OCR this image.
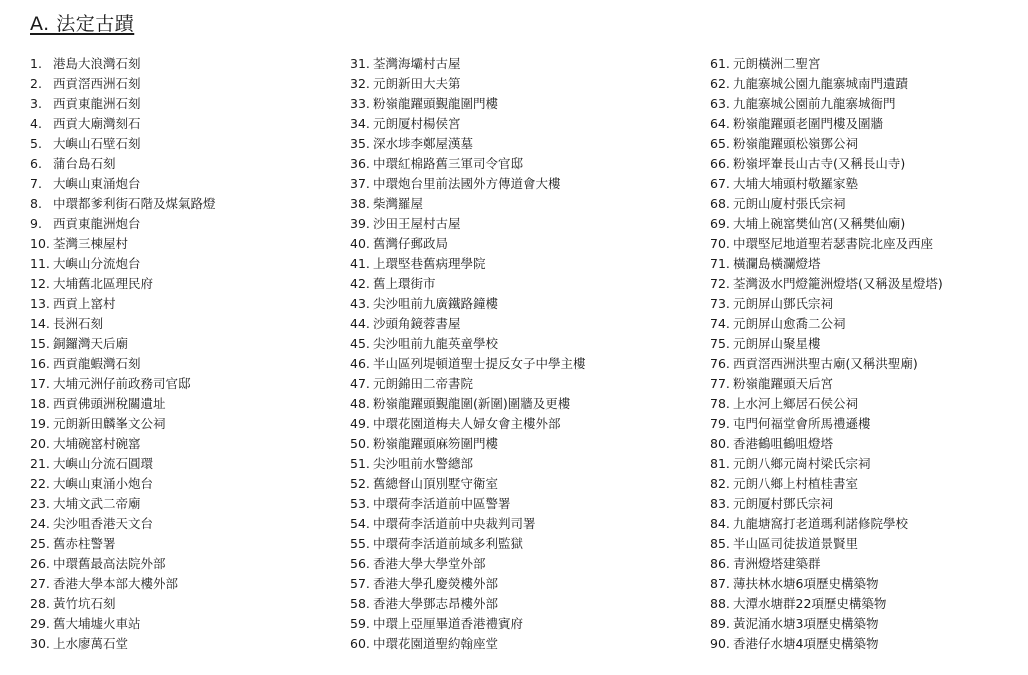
A. 法定古蹟
1. 港島大浪灣石刻
2. 西貢滘西洲石刻
3. 西貢東龍洲石刻
4. 西貢大廟灣刻石
5. 大嶼山石壁石刻
6. 蒲台島石刻
7. 大嶼山東涌炮台
8. 中環都爹利街石階及煤氣路燈
9. 西貢東龍洲炮台
10. 荃灣三棟屋村
11. 大嶼山分流炮台
12. 大埔舊北區理民府
13. 西貢上窰村
14. 長洲石刻
15. 銅鑼灣天后廟
16. 西貢龍蝦灣石刻
17. 大埔元洲仔前政務司官邸
18. 西貢佛頭洲稅關遺址
19. 元朗新田麟峯文公祠
20. 大埔碗窰村碗窰
21. 大嶼山分流石圓環
22. 大嶼山東涌小炮台
23. 大埔文武二帝廟
24. 尖沙咀香港天文台
25. 舊赤柱警署
26. 中環舊最高法院外部
27. 香港大學本部大樓外部
28. 黃竹坑石刻
29. 舊大埔墟火車站
30. 上水廖萬石堂
31. 荃灣海壩村古屋
32. 元朗新田大夫第
33. 粉嶺龍躍頭覲龍圍門樓
34. 元朗厦村楊侯宮
35. 深水埗李鄭屋漢墓
36. 中環紅棉路舊三軍司令官邸
37. 中環炮台里前法國外方傳道會大樓
38. 柴灣羅屋
39. 沙田王屋村古屋
40. 舊灣仔郵政局
41. 上環堅巷舊病理學院
42. 舊上環街市
43. 尖沙咀前九廣鐵路鐘樓
44. 沙頭角鏡蓉書屋
45. 尖沙咀前九龍英童學校
46. 半山區列堤頓道聖士提反女子中學主樓
47. 元朗錦田二帝書院
48. 粉嶺龍躍頭覲龍圍(新圍)圍牆及更樓
49. 中環花園道梅夫人婦女會主樓外部
50. 粉嶺龍躍頭麻笏圍門樓
51. 尖沙咀前水警總部
52. 舊總督山頂別墅守衛室
53. 中環荷李活道前中區警署
54. 中環荷李活道前中央裁判司署
55. 中環荷李活道前域多利監獄
56. 香港大學大學堂外部
57. 香港大學孔慶熒樓外部
58. 香港大學鄧志昂樓外部
59. 中環上亞厘畢道香港禮賓府
60. 中環花園道聖約翰座堂
61. 元朗橫洲二聖宮
62. 九龍寨城公園九龍寨城南門遺蹟
63. 九龍寨城公園前九龍寨城衙門
64. 粉嶺龍躍頭老圍門樓及圍牆
65. 粉嶺龍躍頭松嶺鄧公祠
66. 粉嶺坪輋長山古寺(又稱長山寺)
67. 大埔大埔頭村敬羅家塾
68. 元朗山廈村張氏宗祠
69. 大埔上碗窰樊仙宮(又稱樊仙廟)
70. 中環堅尼地道聖若瑟書院北座及西座
71. 橫瀾島橫瀾燈塔
72. 荃灣汲水門燈籠洲燈塔(又稱汲星燈塔)
73. 元朗屏山鄧氏宗祠
74. 元朗屏山愈喬二公祠
75. 元朗屏山聚星樓
76. 西貢滘西洲洪聖古廟(又稱洪聖廟)
77. 粉嶺龍躍頭天后宮
78. 上水河上鄉居石侯公祠
79. 屯門何福堂會所馬禮遜樓
80. 香港鶴咀鶴咀燈塔
81. 元朗八鄉元崗村梁氏宗祠
82. 元朗八鄉上村植桂書室
83. 元朗厦村鄧氏宗祠
84. 九龍塘窩打老道瑪利諾修院學校
85. 半山區司徒拔道景賢里
86. 青洲燈塔建築群
87. 薄扶林水塘6項歷史構築物
88. 大潭水塘群22項歷史構築物
89. 黃泥涌水塘3項歷史構築物
90. 香港仔水塘4項歷史構築物
